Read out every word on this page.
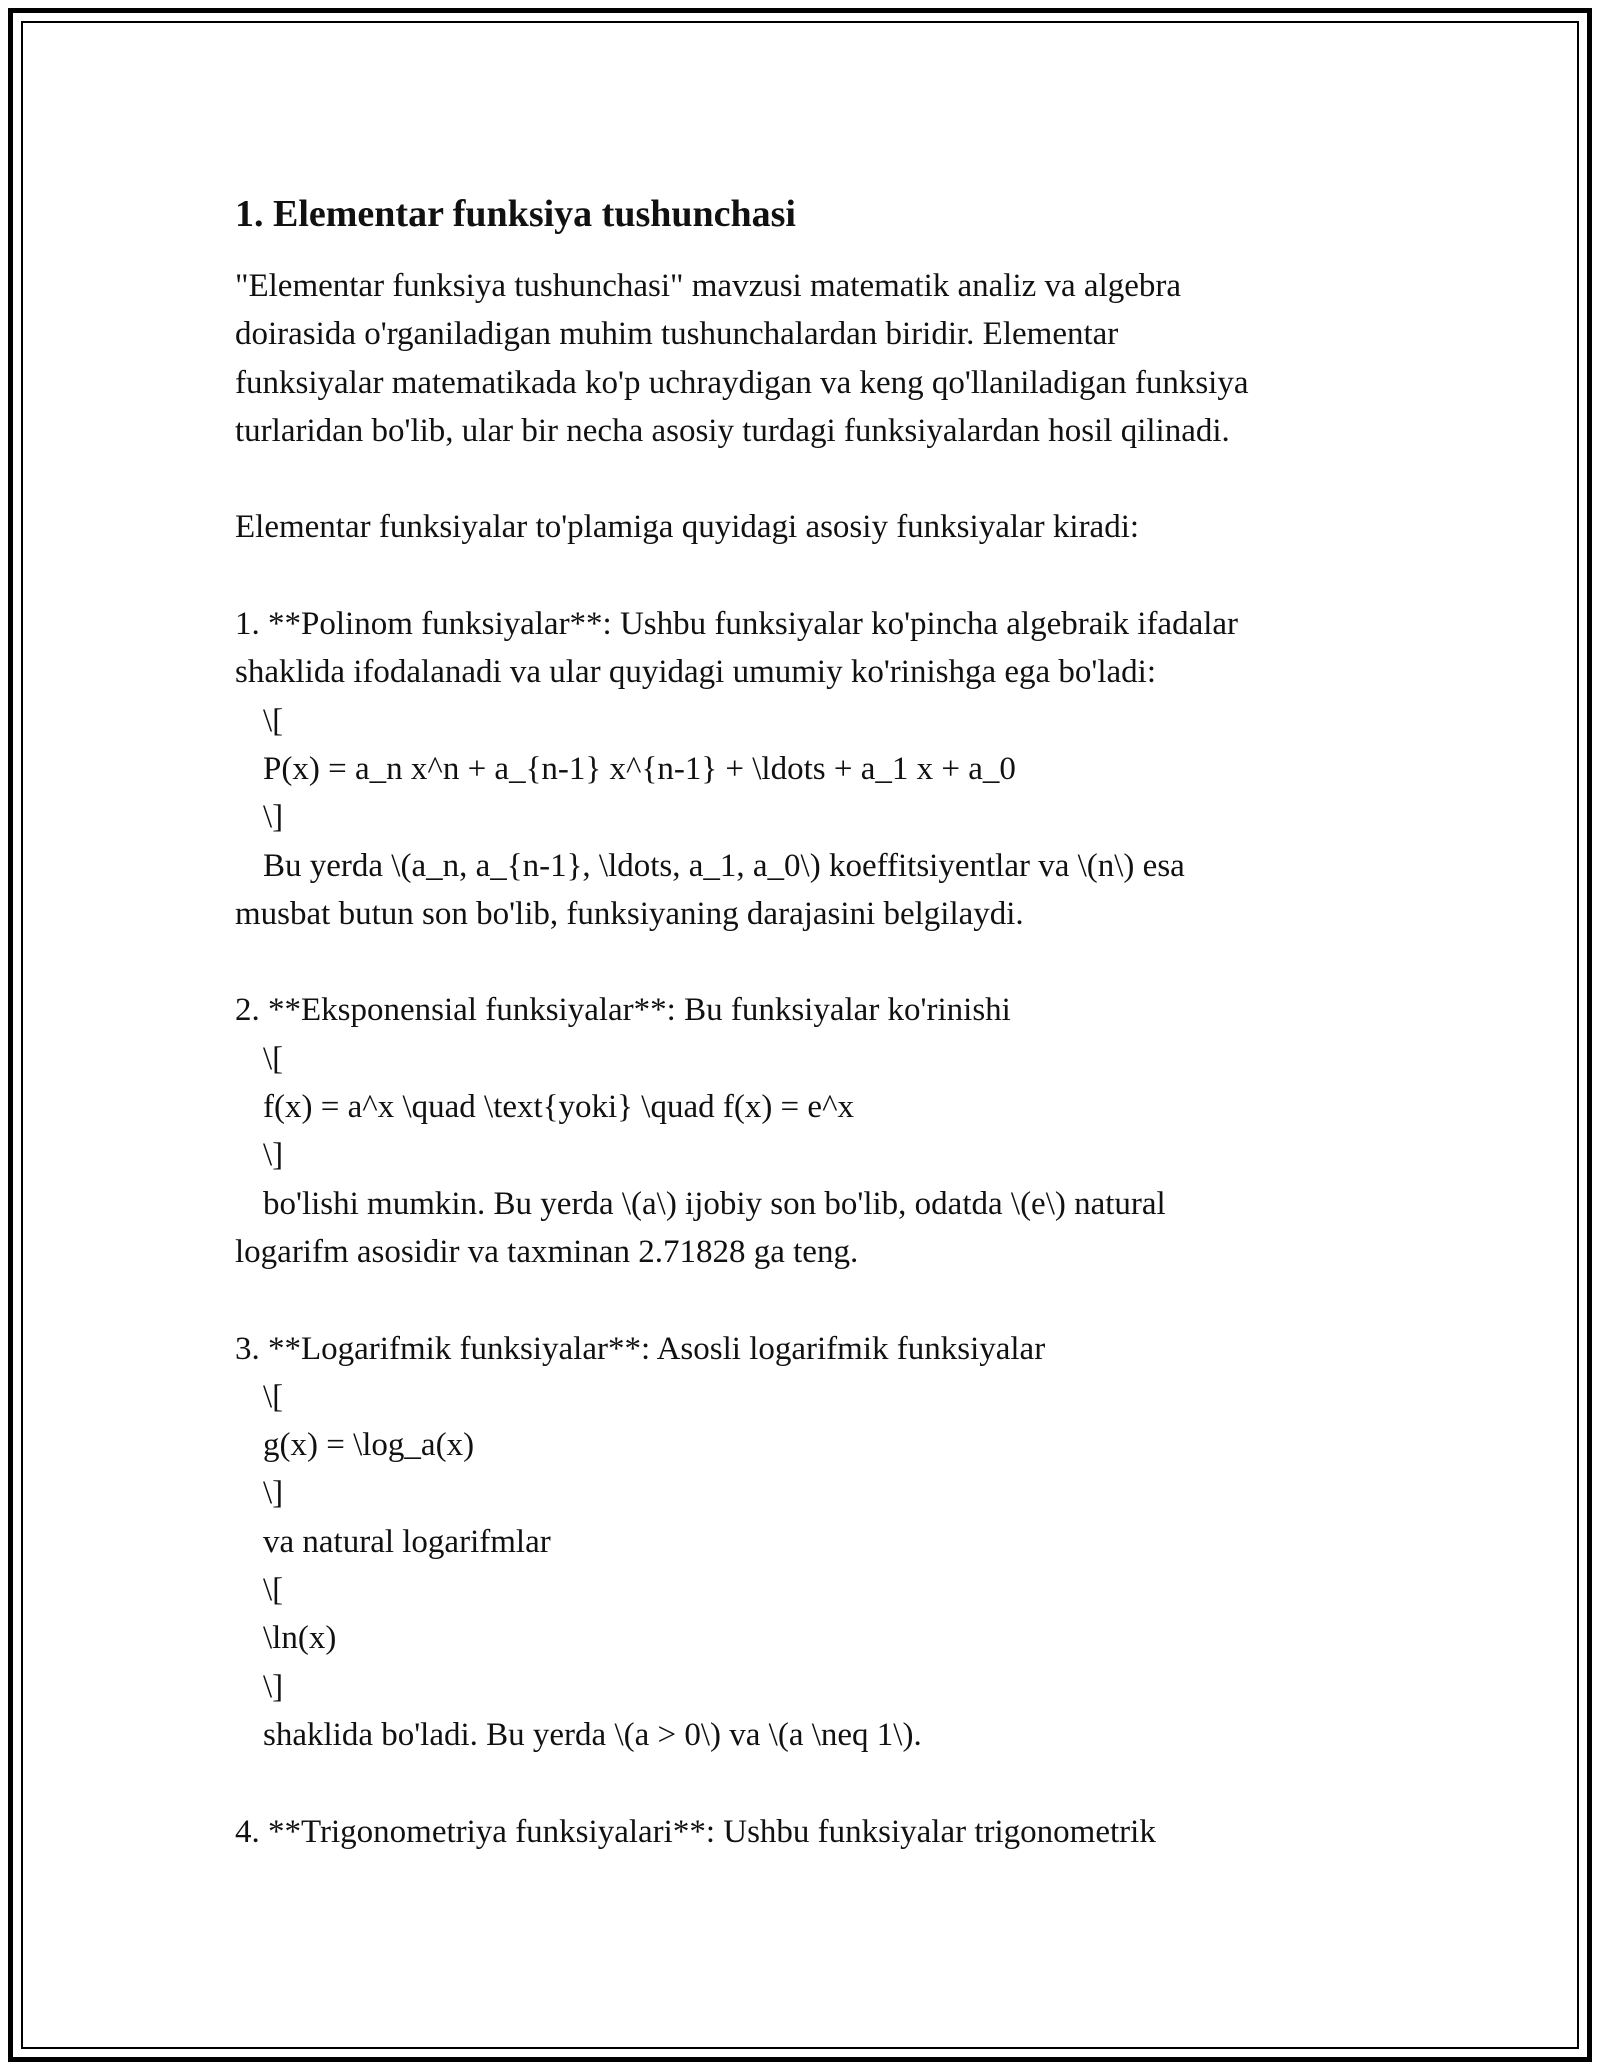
1. Elementar funksiya tushunchasi

"Elementar funksiya tushunchasi" mavzusi matematik analiz va algebra

doirasida o'rganiladigan muhim tushunchalardan biridir. Elementar

funksiyalar matematikada ko'p uchraydigan va keng qo'llaniladigan funksiya

turlaridan bo'lib, ular bir necha asosiy turdagi funksiyalardan hosil qilinadi.

Elementar funksiyalar to'plamiga quyidagi asosiy funksiyalar kiradi:

1. **Polinom funksiyalar**: Ushbu funksiyalar ko'pincha algebraik ifadalar

shaklida ifodalanadi va ular quyidagi umumiy ko'rinishga ega bo'ladi:

\[

P(x) = a_n x^n + a_{n-1} x^{n-1} + \ldots + a_1 x + a_0

\]

Bu yerda \(a_n, a_{n-1}, \ldots, a_1, a_0\) koeffitsiyentlar va \(n\) esa

musbat butun son bo'lib, funksiyaning darajasini belgilaydi.

2. **Eksponensial funksiyalar**: Bu funksiyalar ko'rinishi

\[

f(x) = a^x \quad \text{yoki} \quad f(x) = e^x

\]

bo'lishi mumkin. Bu yerda \(a\) ijobiy son bo'lib, odatda \(e\) natural

logarifm asosidir va taxminan 2.71828 ga teng.

3. **Logarifmik funksiyalar**: Asosli logarifmik funksiyalar

\[

g(x) = \log_a(x)

\]

va natural logarifmlar

\[

\ln(x)

\]

shaklida bo'ladi. Bu yerda \(a > 0\) va \(a \neq 1\).

4. **Trigonometriya funksiyalari**: Ushbu funksiyalar trigonometrik
